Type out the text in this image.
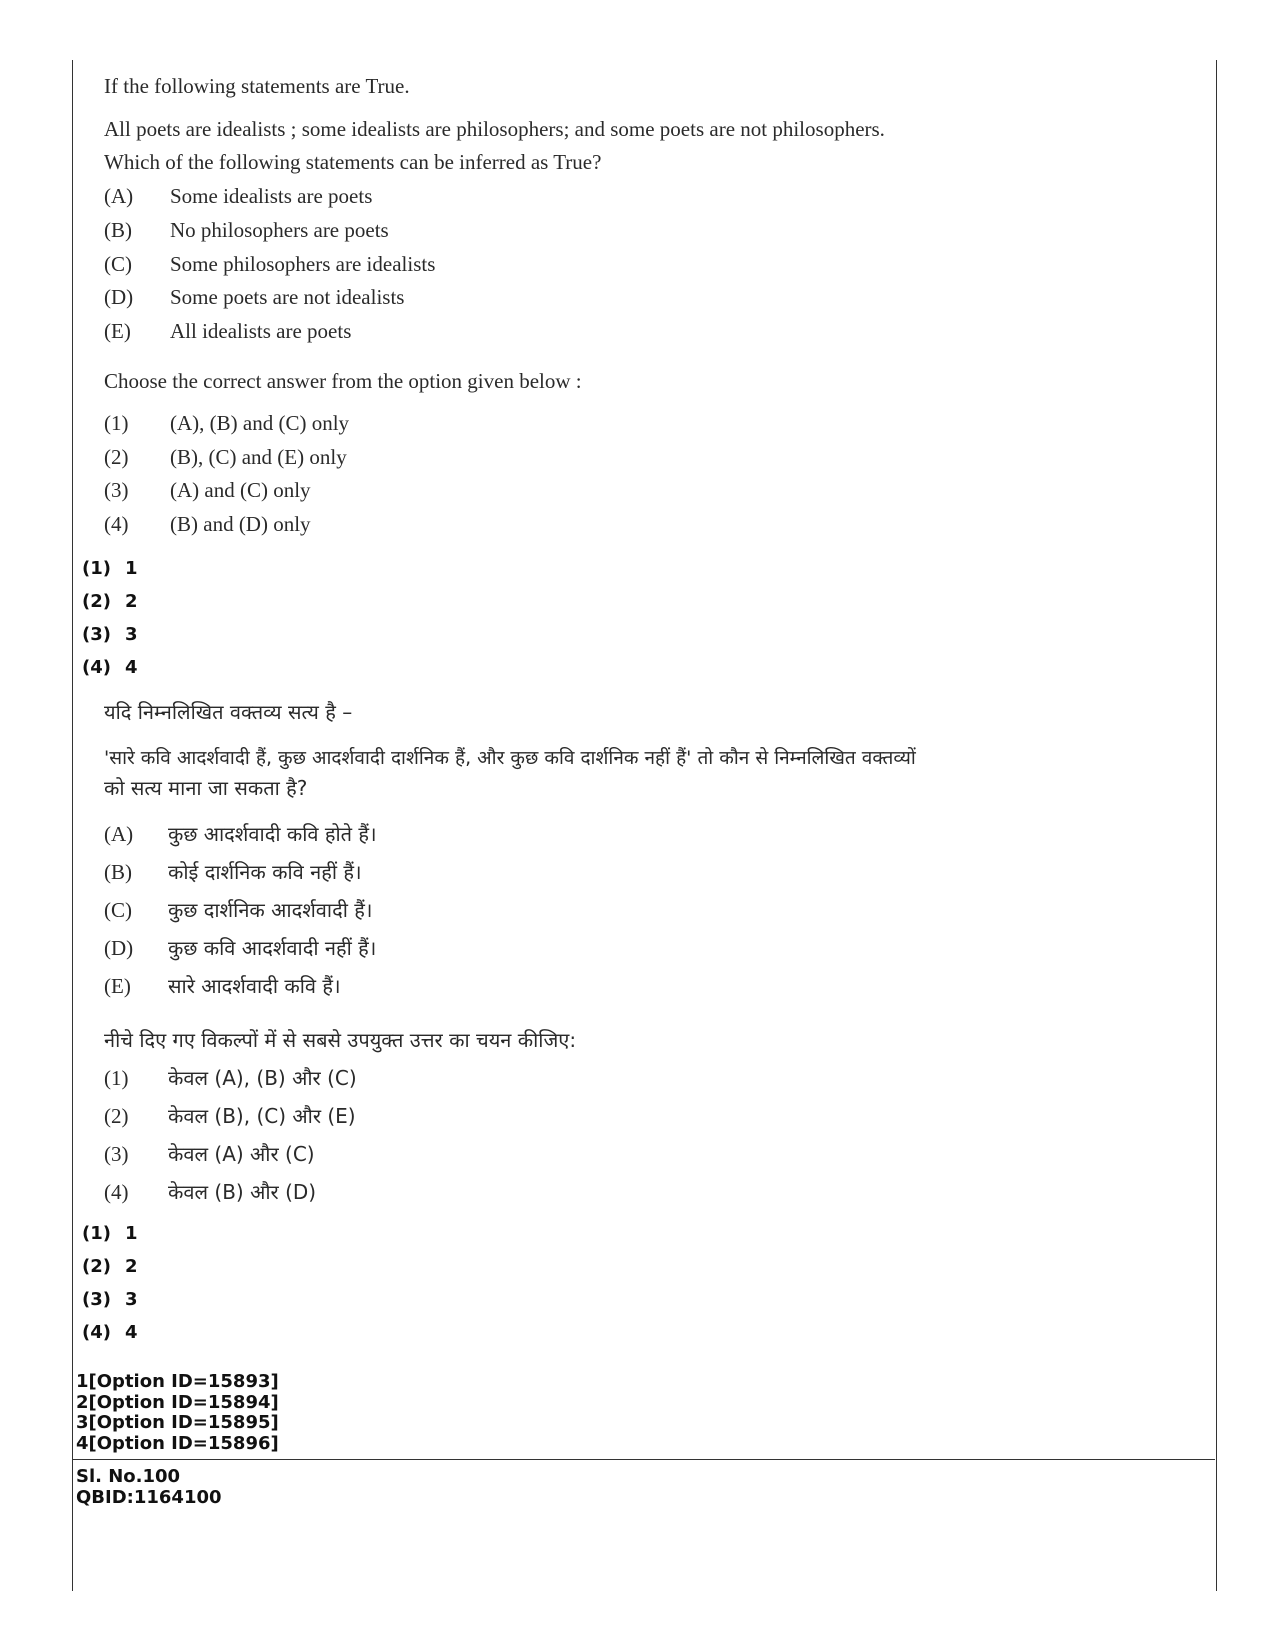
If the following statements are True.
All poets are idealists ; some idealists are philosophers; and some poets are not philosophers.
Which of the following statements can be inferred as True?
(A) Some idealists are poets
(B) No philosophers are poets
(C) Some philosophers are idealists
(D) Some poets are not idealists
(E) All idealists are poets
Choose the correct answer from the option given below :
(1) (A), (B) and (C) only
(2) (B), (C) and (E) only
(3) (A) and (C) only
(4) (B) and (D) only
(1) 1
(2) 2
(3) 3
(4) 4
यदि निम्नलिखित वक्तव्य सत्य है –
'सारे कवि आदर्शवादी हैं, कुछ आदर्शवादी दार्शनिक हैं, और कुछ कवि दार्शनिक नहीं हैं' तो कौन से निम्नलिखित वक्तव्यों
को सत्य माना जा सकता है?
(A) कुछ आदर्शवादी कवि होते हैं।
(B) कोई दार्शनिक कवि नहीं हैं।
(C) कुछ दार्शनिक आदर्शवादी हैं।
(D) कुछ कवि आदर्शवादी नहीं हैं।
(E) सारे आदर्शवादी कवि हैं।
नीचे दिए गए विकल्पों में से सबसे उपयुक्त उत्तर का चयन कीजिए:
(1) केवल (A), (B) और (C)
(2) केवल (B), (C) और (E)
(3) केवल (A) और (C)
(4) केवल (B) और (D)
(1) 1
(2) 2
(3) 3
(4) 4
1[Option ID=15893]
2[Option ID=15894]
3[Option ID=15895]
4[Option ID=15896]
Sl. No.100
QBID:1164100
